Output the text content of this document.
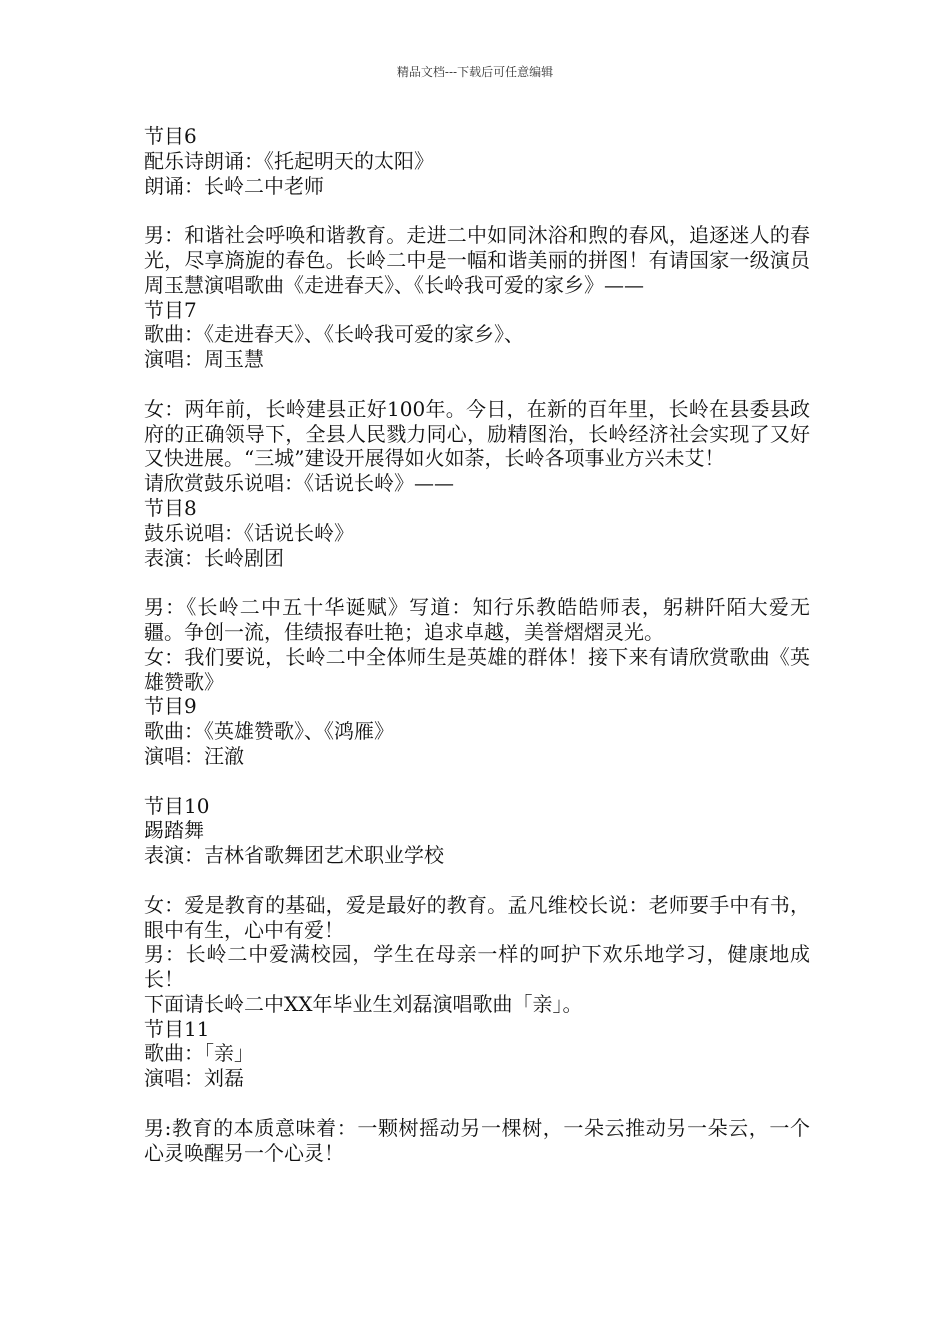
精品文档---下载后可任意编辑
节目6
配乐诗朗诵：《托起明天的太阳》
朗诵：长岭二中老师
男：和谐社会呼唤和谐教育。走进二中如同沐浴和煦的春风，追逐迷人的春光，尽享旖旎的春色。长岭二中是一幅和谐美丽的拼图！有请国家一级演员周玉慧演唱歌曲《走进春天》、《长岭我可爱的家乡》——
节目7
歌曲：《走进春天》、《长岭我可爱的家乡》、
演唱：周玉慧
女：两年前，长岭建县正好100年。今日，在新的百年里，长岭在县委县政府的正确领导下，全县人民戮力同心，励精图治，长岭经济社会实现了又好又快进展。“三城”建设开展得如火如荼，长岭各项事业方兴未艾！
请欣赏鼓乐说唱：《话说长岭》——
节目8
鼓乐说唱：《话说长岭》
表演：长岭剧团
男：《长岭二中五十华诞赋》写道：知行乐教皓皓师表，躬耕阡陌大爱无疆。争创一流，佳绩报春吐艳；追求卓越，美誉熠熠灵光。
女：我们要说，长岭二中全体师生是英雄的群体！接下来有请欣赏歌曲《英雄赞歌》
节目9
歌曲：《英雄赞歌》、《鸿雁》
演唱：汪澈
节目10
踢踏舞
表演：吉林省歌舞团艺术职业学校
女：爱是教育的基础，爱是最好的教育。孟凡维校长说：老师要手中有书，眼中有生，心中有爱！
男：长岭二中爱满校园，学生在母亲一样的呵护下欢乐地学习，健康地成长！
下面请长岭二中XX年毕业生刘磊演唱歌曲「亲」。
节目11
歌曲：「亲」
演唱：刘磊
男:教育的本质意味着：一颗树摇动另一棵树，一朵云推动另一朵云，一个心灵唤醒另一个心灵！
